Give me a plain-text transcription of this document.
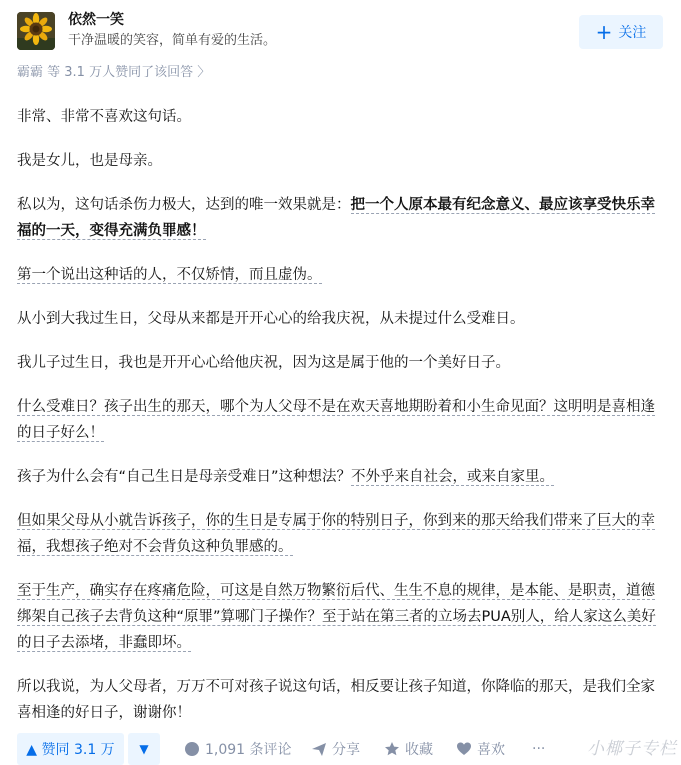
依然一笑
干净温暖的笑容，简单有爱的生活。	+ 关注
霸霸 等 3.1 万人赞同了该回答 〉

非常、非常不喜欢这句话。

我是女儿，也是母亲。

私以为，这句话杀伤力极大，达到的唯一效果就是：把一个人原本最有纪念意义、最应该享受快乐幸福的一天，变得充满负罪感！

第一个说出这种话的人，不仅矫情，而且虚伪。

从小到大我过生日，父母从来都是开开心心的给我庆祝，从未提过什么受难日。

我儿子过生日，我也是开开心心给他庆祝，因为这是属于他的一个美好日子。

什么受难日？孩子出生的那天，哪个为人父母不是在欢天喜地期盼着和小生命见面？这明明是喜相逢的日子好么！

孩子为什么会有“自己生日是母亲受难日”这种想法？不外乎来自社会，或来自家里。

但如果父母从小就告诉孩子，你的生日是专属于你的特别日子，你到来的那天给我们带来了巨大的幸福，我想孩子绝对不会背负这种负罪感的。

至于生产，确实存在疼痛危险，可这是自然万物繁衍后代、生生不息的规律，是本能、是职责，道德绑架自己孩子去背负这种“原罪”算哪门子操作？至于站在第三者的立场去PUA别人，给人家这么美好的日子去添堵，非蠢即坏。

所以我说，为人父母者，万万不可对孩子说这句话，相反要让孩子知道，你降临的那天，是我们全家喜相逢的好日子，谢谢你！

▲ 赞同 3.1 万	▼	1,091 条评论	分享	收藏	喜欢 ··· 小椰子专栏
